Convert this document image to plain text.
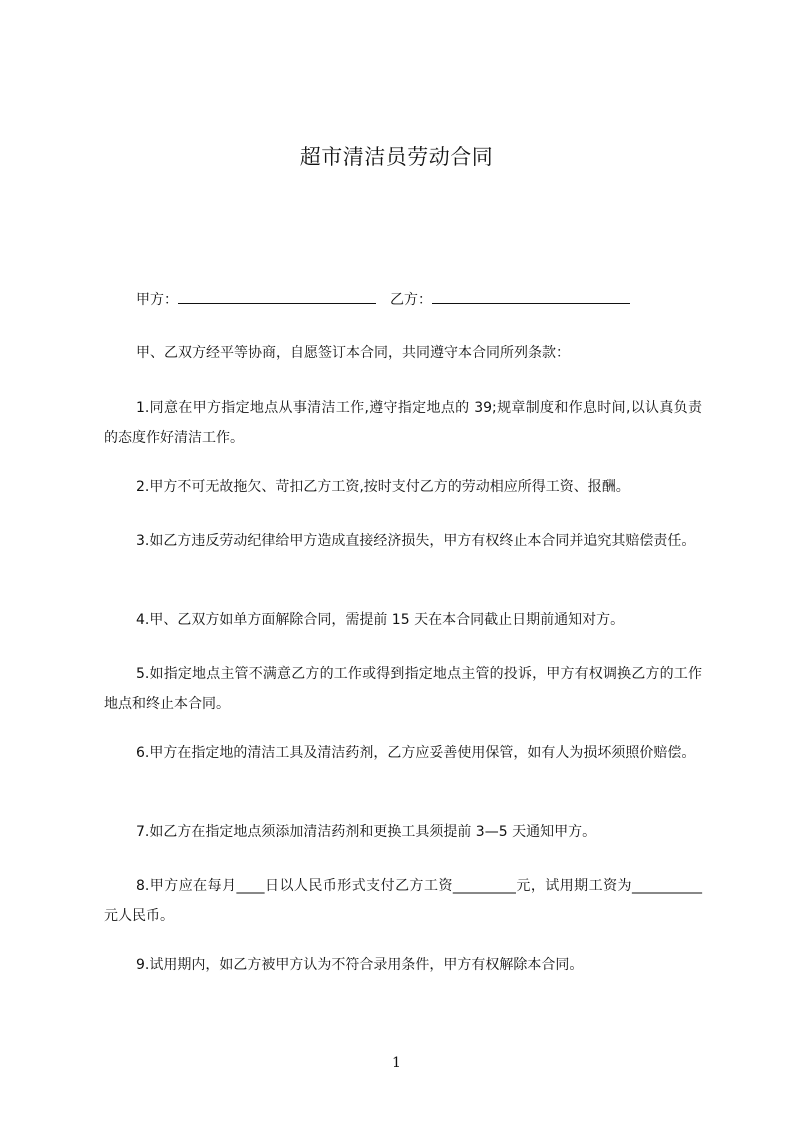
超市清洁员劳动合同
甲方：	乙方：
甲、乙双方经平等协商，自愿签订本合同，共同遵守本合同所列条款：
1.同意在甲方指定地点从事清洁工作,遵守指定地点的 39;规章制度和作息时间,以认真负责的态度作好清洁工作。
2.甲方不可无故拖欠、苛扣乙方工资,按时支付乙方的劳动相应所得工资、报酬。
3.如乙方违反劳动纪律给甲方造成直接经济损失，甲方有权终止本合同并追究其赔偿责任。
4.甲、乙双方如单方面解除合同，需提前 15 天在本合同截止日期前通知对方。
5.如指定地点主管不满意乙方的工作或得到指定地点主管的投诉，甲方有权调换乙方的工作地点和终止本合同。
6.甲方在指定地的清洁工具及清洁药剂，乙方应妥善使用保管，如有人为损坏须照价赔偿。
7.如乙方在指定地点须添加清洁药剂和更换工具须提前 3—5 天通知甲方。
8.甲方应在每月____日以人民币形式支付乙方工资_________元，试用期工资为__________元人民币。
9.试用期内，如乙方被甲方认为不符合录用条件，甲方有权解除本合同。
1
